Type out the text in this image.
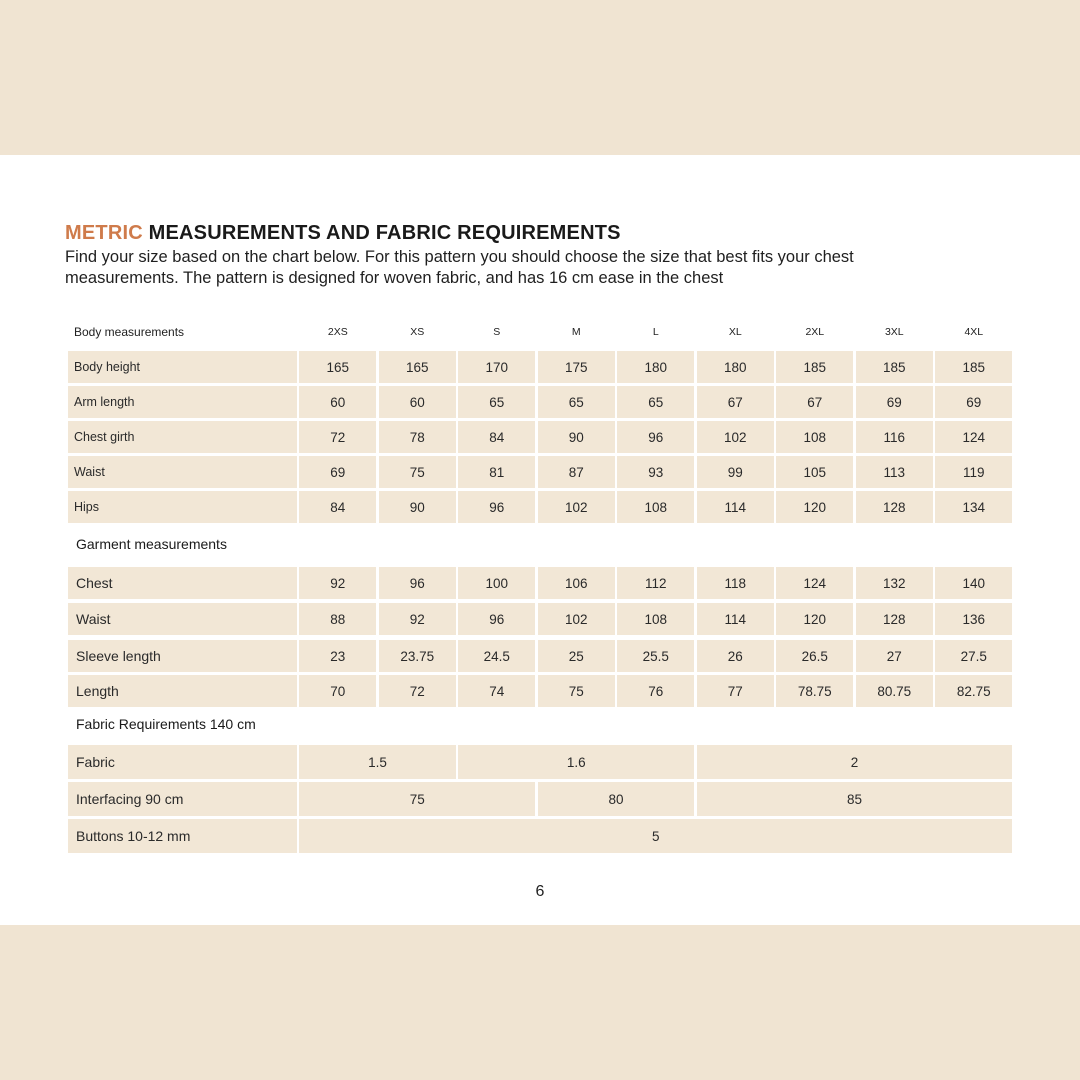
METRIC MEASUREMENTS AND FABRIC REQUIREMENTS

Find your size based on the chart below. For this pattern you should choose the size that best fits your chest measurements. The pattern is designed for woven fabric, and has 16 cm ease in the chest

Body measurements	2XS	XS	S	M	L	XL	2XL	3XL	4XL
Body height	165	165	170	175	180	180	185	185	185
Arm length	60	60	65	65	65	67	67	69	69
Chest girth	72	78	84	90	96	102	108	116	124
Waist	69	75	81	87	93	99	105	113	119
Hips	84	90	96	102	108	114	120	128	134
Garment measurements
Chest	92	96	100	106	112	118	124	132	140
Waist	88	92	96	102	108	114	120	128	136
Sleeve length	23	23.75	24.5	25	25.5	26	26.5	27	27.5
Length	70	72	74	75	76	77	78.75	80.75	82.75
Fabric Requirements 140 cm
Fabric	1.5	1.6	2
Interfacing 90 cm	75	80	85
Buttons 10-12 mm	5
6
